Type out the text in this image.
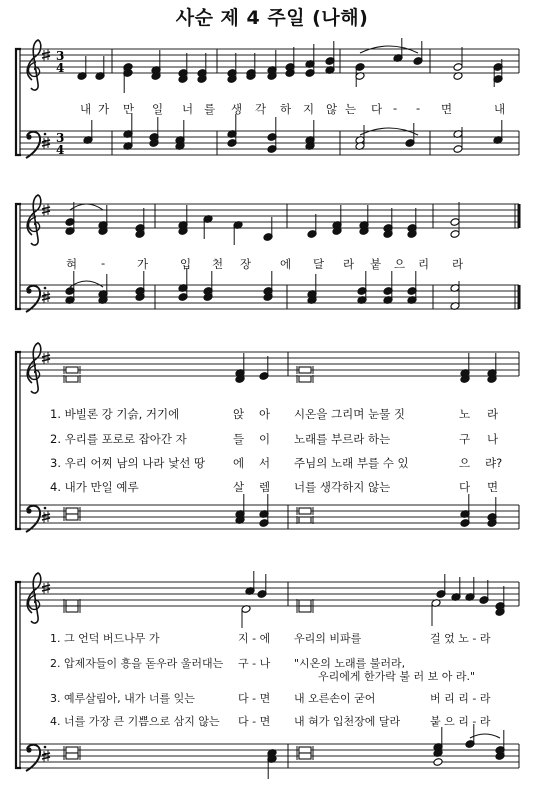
사순 제 4 주일 (나해)
3
4
3
4
내 가 만 일 너 를 생 각 하 지 않 는 다 - - 면	내
혀 -	가	입 천 장	에 달 라 붙 으 리 라
1. 바빌론 강 기슭, 거기에	앉 아 시온을 그리며 눈물 짓	노 라
2. 우리를 포로로 잡아간 자	들 이 노래를 부르라 하는	구 나
3. 우리 어찌 남의 나라 낯선 땅 에 서 주님의 노래 부를 수 있	으 랴?
4. 내가 만일 예루	살 렘 너를 생각하지 않는	다 면
1. 그 언덕 버드나무 가	지 - 에 우리의 비파를	걸 었 노 - 라
2. 압제자들이 흥을 돋우라 울러대는 구 - 나 "시온의 노래를 불러라,
우리에게 한가락 불 러 보 아 라."
3. 예루살림아, 내가 너를 잊는	다 - 면 내 오른손이 굳어	버 리 리 - 라
4. 너를 가장 큰 기쁨으로 삼지 않는 다 - 면 내 혀가 입천장에 달라	붙 으 리 - 라
